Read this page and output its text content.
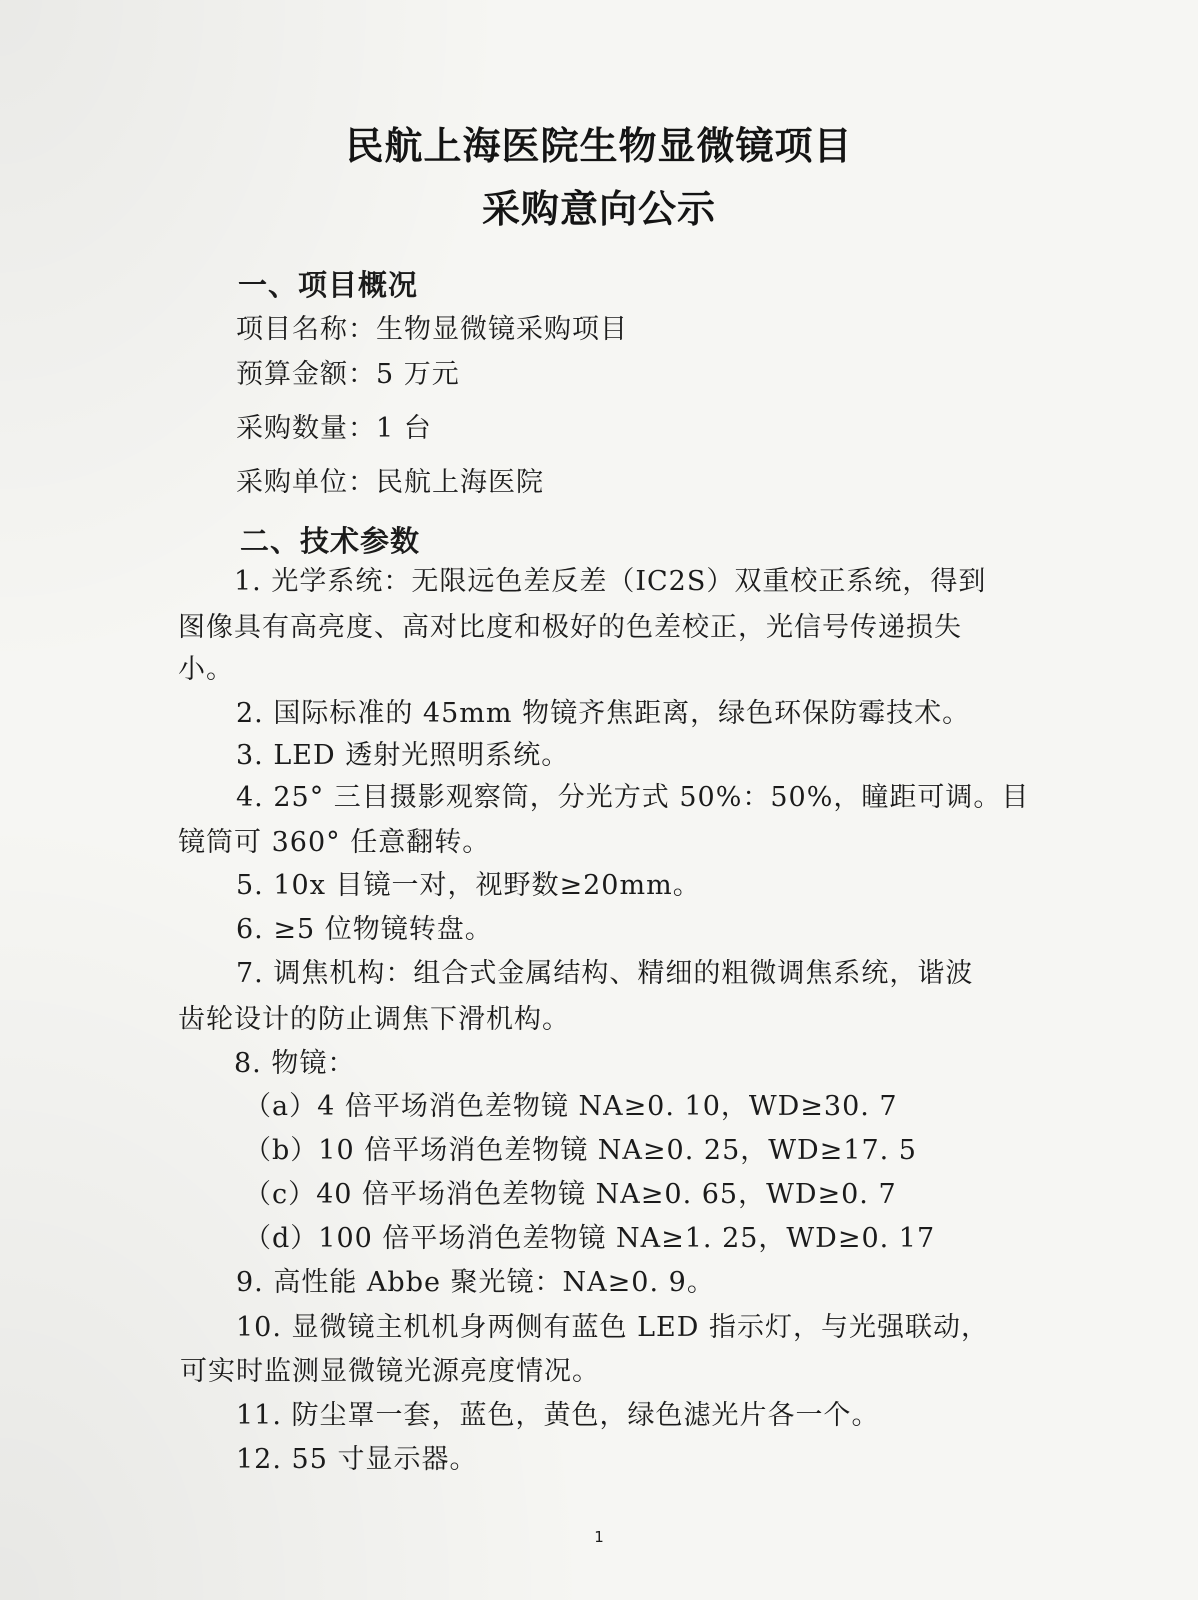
民航上海医院生物显微镜项目
采购意向公示
一、项目概况
项目名称：生物显微镜采购项目
预算金额：5 万元
采购数量：1 台
采购单位：民航上海医院
二、技术参数
1. 光学系统：无限远色差反差（IC2S）双重校正系统，得到
图像具有高亮度、高对比度和极好的色差校正，光信号传递损失
小。
2. 国际标准的 45mm 物镜齐焦距离，绿色环保防霉技术。
3. LED 透射光照明系统。
4. 25° 三目摄影观察筒，分光方式 50%：50%，瞳距可调。目
镜筒可 360° 任意翻转。
5. 10x 目镜一对，视野数≥20mm。
6. ≥5 位物镜转盘。
7. 调焦机构：组合式金属结构、精细的粗微调焦系统，谐波
齿轮设计的防止调焦下滑机构。
8. 物镜：
（a）4 倍平场消色差物镜 NA≥0. 10，WD≥30. 7
（b）10 倍平场消色差物镜 NA≥0. 25，WD≥17. 5
（c）40 倍平场消色差物镜 NA≥0. 65，WD≥0. 7
（d）100 倍平场消色差物镜 NA≥1. 25，WD≥0. 17
9. 高性能 Abbe 聚光镜：NA≥0. 9。
10. 显微镜主机机身两侧有蓝色 LED 指示灯，与光强联动，
可实时监测显微镜光源亮度情况。
11. 防尘罩一套，蓝色，黄色，绿色滤光片各一个。
12. 55 寸显示器。
1
